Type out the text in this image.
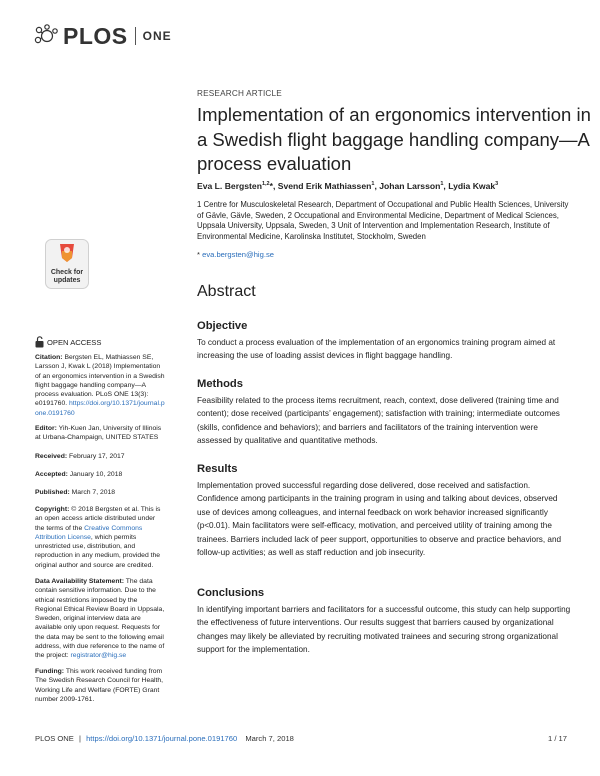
PLOS ONE
Check for
updates
OPEN ACCESS
Citation: Bergsten EL, Mathiassen SE, Larsson J, Kwak L (2018) Implementation of an ergonomics intervention in a Swedish flight baggage handling company—A process evaluation. PLoS ONE 13(3): e0191760. https://doi.org/10.1371/journal.pone.0191760
Editor: Yih-Kuen Jan, University of Illinois at Urbana-Champaign, UNITED STATES
Received: February 17, 2017
Accepted: January 10, 2018
Published: March 7, 2018
Copyright: © 2018 Bergsten et al. This is an open access article distributed under the terms of the Creative Commons Attribution License, which permits unrestricted use, distribution, and reproduction in any medium, provided the original author and source are credited.
Data Availability Statement: The data contain sensitive information. Due to the ethical restrictions imposed by the Regional Ethical Review Board in Uppsala, Sweden, original interview data are available only upon request. Requests for the data may be sent to the following email address, with due reference to the name of the project: registrator@hig.se
Funding: This work received funding from The Swedish Research Council for Health, Working Life and Welfare (FORTE) Grant number 2009-1761.
RESEARCH ARTICLE
Implementation of an ergonomics intervention in a Swedish flight baggage handling company—A process evaluation
Eva L. Bergsten$^{1,2}$*, Svend Erik Mathiassen$^1$, Johan Larsson$^1$, Lydia Kwak$^3$
1 Centre for Musculoskeletal Research, Department of Occupational and Public Health Sciences, University of Gävle, Gävle, Sweden, 2 Occupational and Environmental Medicine, Department of Medical Sciences, Uppsala University, Uppsala, Sweden, 3 Unit of Intervention and Implementation Research, Institute of Environmental Medicine, Karolinska Institutet, Stockholm, Sweden
* eva.bergsten@hig.se
Abstract
Objective

To conduct a process evaluation of the implementation of an ergonomics training program aimed at increasing the use of loading assist devices in flight baggage handling.

Methods

Feasibility related to the process items recruitment, reach, context, dose delivered (training time and content); dose received (participants’ engagement); satisfaction with training; intermediate outcomes (skills, confidence and behaviors); and barriers and facilitators of the training intervention were assessed by qualitative and quantitative methods.

Results

Implementation proved successful regarding dose delivered, dose received and satisfaction. Confidence among participants in the training program in using and talking about devices, observed use of devices among colleagues, and internal feedback on work behavior increased significantly (p<0.01). Main facilitators were self-efficacy, motivation, and perceived utility of training among the trainees. Barriers included lack of peer support, opportunities to observe and practice behaviors, and follow-up activities; as well as staff reduction and job insecurity.

Conclusions

In identifying important barriers and facilitators for a successful outcome, this study can help supporting the effectiveness of future interventions. Our results suggest that barriers caused by organizational changes may likely be alleviated by recruiting motivated trainees and securing strong organizational support for the implementation.

PLOS ONE | https://doi.org/10.1371/journal.pone.0191760 March 7, 2018	1 / 17
